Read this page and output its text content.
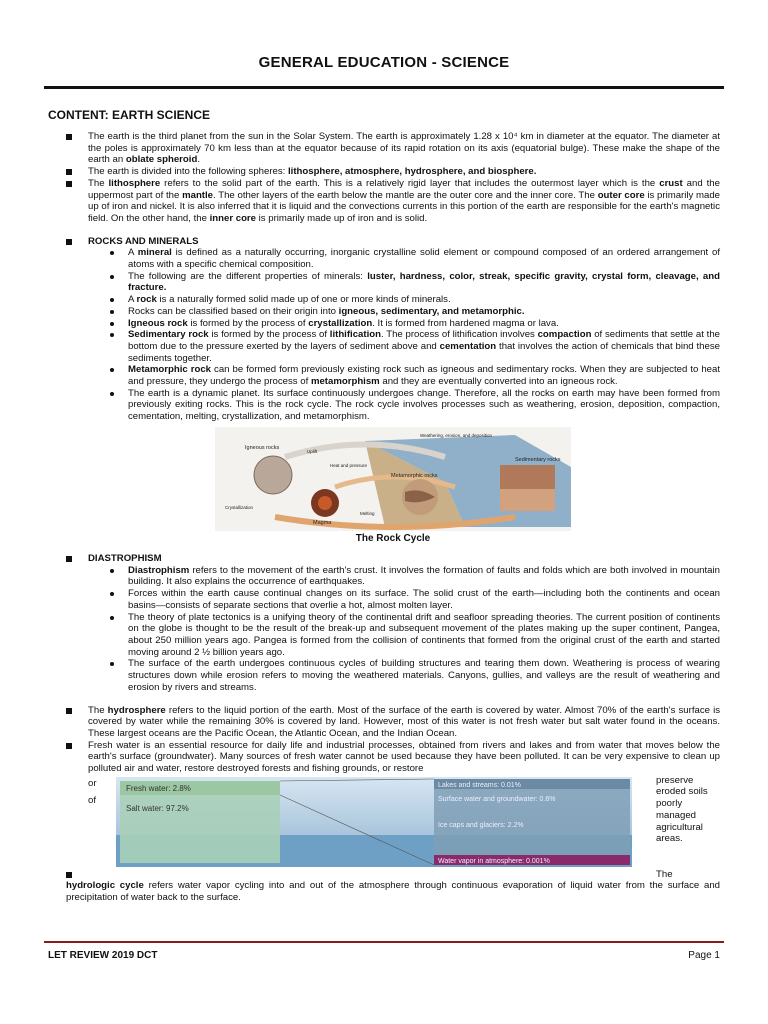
GENERAL EDUCATION - SCIENCE
CONTENT: EARTH SCIENCE
The earth is the third planet from the sun in the Solar System. The earth is approximately 1.28 x 10⁴ km in diameter at the equator. The diameter at the poles is approximately 70 km less than at the equator because of its rapid rotation on its axis (equatorial bulge). These make the shape of the earth an oblate spheroid.
The earth is divided into the following spheres: lithosphere, atmosphere, hydrosphere, and biosphere.
The lithosphere refers to the solid part of the earth. This is a relatively rigid layer that includes the outermost layer which is the crust and the uppermost part of the mantle. The other layers of the earth below the mantle are the outer core and the inner core. The outer core is primarily made up of iron and nickel. It is also inferred that it is liquid and the convections currents in this portion of the earth are responsible for the earth's magnetic field. On the other hand, the inner core is primarily made up of iron and is solid.
ROCKS AND MINERALS
A mineral is defined as a naturally occurring, inorganic crystalline solid element or compound composed of an ordered arrangement of atoms with a specific chemical composition.
The following are the different properties of minerals: luster, hardness, color, streak, specific gravity, crystal form, cleavage, and fracture.
A rock is a naturally formed solid made up of one or more kinds of minerals.
Rocks can be classified based on their origin into igneous, sedimentary, and metamorphic.
Igneous rock is formed by the process of crystallization. It is formed from hardened magma or lava.
Sedimentary rock is formed by the process of lithification. The process of lithification involves compaction of sediments that settle at the bottom due to the pressure exerted by the layers of sediment above and cementation that involves the action of chemicals that bind these sediments together.
Metamorphic rock can be formed form previously existing rock such as igneous and sedimentary rocks. When they are subjected to heat and pressure, they undergo the process of metamorphism and they are eventually converted into an igneous rock.
The earth is a dynamic planet. Its surface continuously undergoes change. Therefore, all the rocks on earth may have been formed from previously exiting rocks. This is the rock cycle. The rock cycle involves processes such as weathering, erosion, deposition, compaction, cementation, melting, crystallization, and metamorphism.
Igneous rocks
Sedimentary rocks
Metamorphic rocks
Magma
Weathering, erosion, and deposition
Crystallization
Heat and pressure
Melting
Uplift
The Rock Cycle
DIASTROPHISM
Diastrophism refers to the movement of the earth's crust. It involves the formation of faults and folds which are both involved in mountain building. It also explains the occurrence of earthquakes.
Forces within the earth cause continual changes on its surface. The solid crust of the earth—including both the continents and ocean basins—consists of separate sections that overlie a hot, almost molten layer.
The theory of plate tectonics is a unifying theory of the continental drift and seafloor spreading theories. The current position of continents on the globe is thought to be the result of the break-up and subsequent movement of the plates making up the super continent, Pangea, about 250 million years ago. Pangea is formed from the collision of continents that formed from the original crust of the earth and started moving around 2 ½ billion years ago.
The surface of the earth undergoes continuous cycles of building structures and tearing them down. Weathering is process of wearing structures down while erosion refers to moving the weathered materials. Canyons, gullies, and valleys are the result of weathering and erosion by rivers and streams.
The hydrosphere refers to the liquid portion of the earth. Most of the surface of the earth is covered by water. Almost 70% of the earth's surface is covered by water while the remaining 30% is covered by land. However, most of this water is not fresh water but salt water found in the oceans. These largest oceans are the Pacific Ocean, the Atlantic Ocean, and the Indian Ocean.
Fresh water is an essential resource for daily life and industrial processes, obtained from rivers and lakes and from water that moves below the earth's surface (groundwater). Many sources of fresh water cannot be used because they have been polluted. It can be very expensive to clean up polluted air and water, restore destroyed forests and fishing grounds, or restore
or
of
Fresh water: 2.8%
Salt water: 97.2%
Lakes and streams: 0.01%
Surface water and groundwater: 0.6%
Ice caps and glaciers: 2.2%
Water vapor in atmosphere: 0.001%
preserve eroded soils poorly managed agricultural areas.

The
hydrologic cycle refers water vapor cycling into and out of the atmosphere through continuous evaporation of liquid water from the surface and precipitation of water back to the surface.
LET REVIEW 2019 DCT	Page 1
